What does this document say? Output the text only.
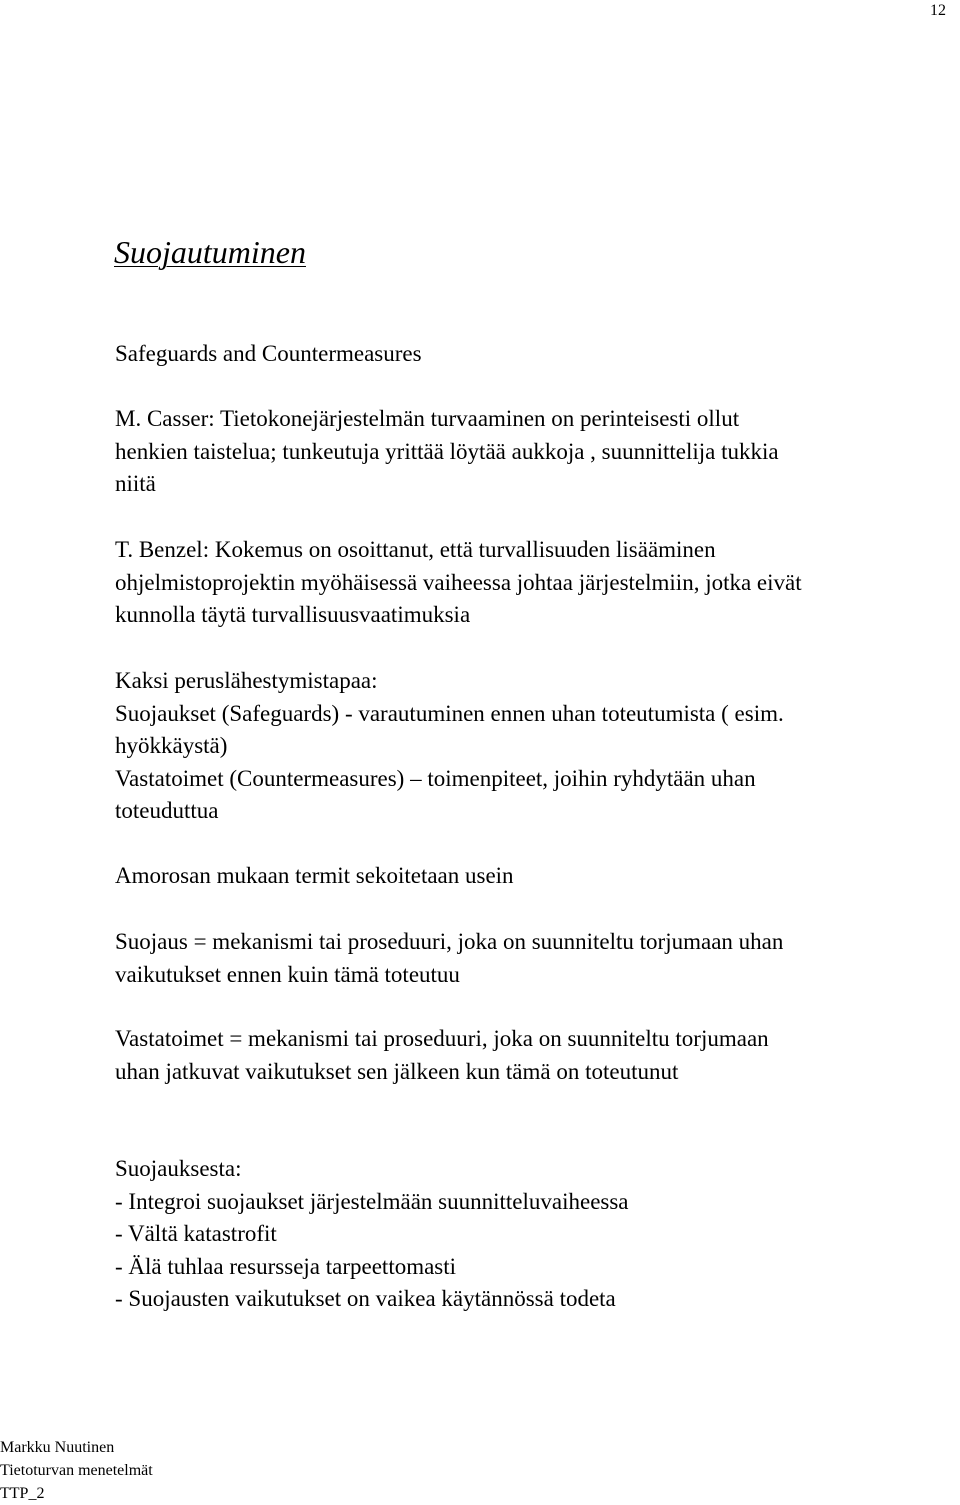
12
Suojautuminen
Safeguards and Countermeasures
M. Casser: Tietokonejärjestelmän turvaaminen on perinteisesti ollut
henkien taistelua; tunkeutuja yrittää löytää aukkoja , suunnittelija tukkia
niitä
T. Benzel: Kokemus on osoittanut, että turvallisuuden lisääminen
ohjelmistoprojektin myöhäisessä vaiheessa johtaa järjestelmiin, jotka eivät
kunnolla täytä turvallisuusvaatimuksia
Kaksi peruslähestymistapaa:
Suojaukset (Safeguards) - varautuminen ennen uhan toteutumista ( esim.
hyökkäystä)
Vastatoimet (Countermeasures) – toimenpiteet, joihin ryhdytään uhan
toteuduttua
Amorosan mukaan termit sekoitetaan usein
Suojaus = mekanismi tai proseduuri, joka on suunniteltu torjumaan uhan
vaikutukset ennen kuin tämä toteutuu
Vastatoimet = mekanismi tai proseduuri, joka on suunniteltu torjumaan
uhan jatkuvat vaikutukset sen jälkeen kun tämä on toteutunut
Suojauksesta:
- Integroi suojaukset järjestelmään suunnitteluvaiheessa
- Vältä katastrofit
- Älä tuhlaa resursseja tarpeettomasti
- Suojausten vaikutukset on vaikea käytännössä todeta
Markku Nuutinen
Tietoturvan menetelmät
TTP_2
